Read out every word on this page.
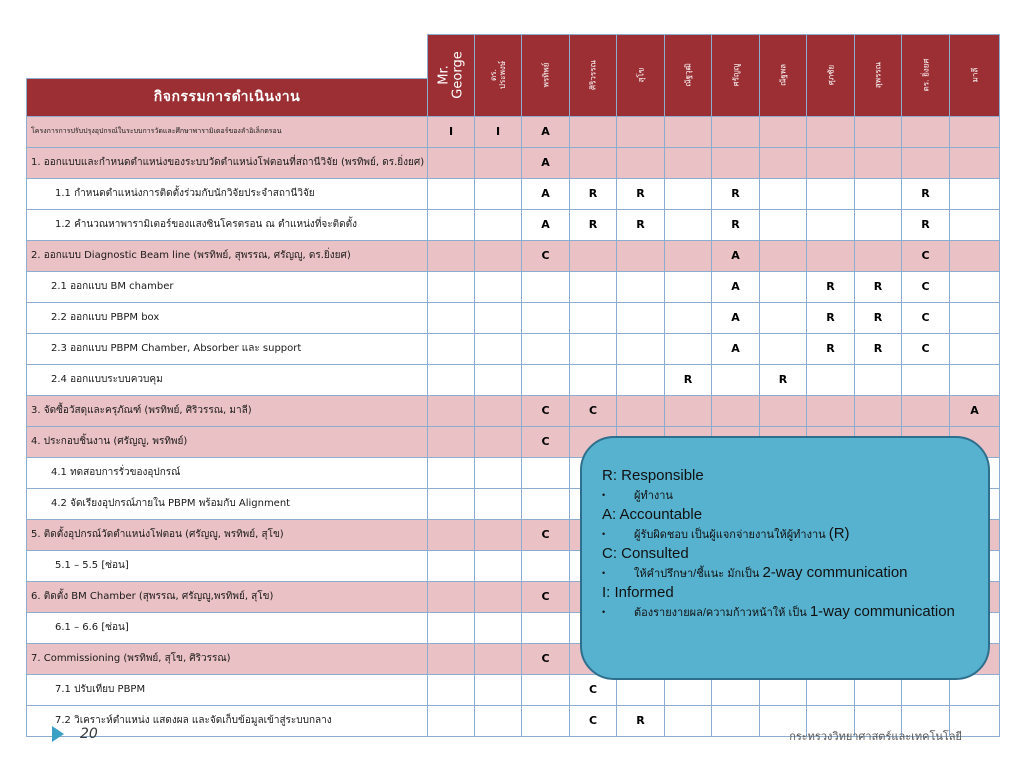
	Mr.
George	ดร.
ประพงษ์	พรทิพย์	ศิริวรรณ	สุโข	ณัฐวุฒิ	ศรัญญู	ณัฐพล	ศุภชัย	สุพรรณ	ดร. ยิ่งยศ	มาลี

กิจกรรมการดำเนินงาน												
โครงการการปรับปรุงอุปกรณ์ในระบบการวัดและศึกษาพารามิเตอร์ของลำอิเล็กตรอน	I	I	A									
1. ออกแบบและกำหนดตำแหน่งของระบบวัดตำแหน่งโฟตอนที่สถานีวิจัย (พรทิพย์, ดร.ยิ่งยศ)			A									
1.1 กำหนดตำแหน่งการติดตั้งร่วมกับนักวิจัยประจำสถานีวิจัย			A	R	R		R				R	
1.2 คำนวณหาพารามิเตอร์ของแสงซินโครตรอน ณ ตำแหน่งที่จะติดตั้ง			A	R	R		R				R	
2. ออกแบบ Diagnostic Beam line (พรทิพย์, สุพรรณ, ศรัญญู, ดร.ยิ่งยศ)			C				A				C	
2.1 ออกแบบ BM chamber							A		R	R	C	
2.2 ออกแบบ PBPM box							A		R	R	C	
2.3 ออกแบบ PBPM Chamber, Absorber และ support							A		R	R	C	
2.4 ออกแบบระบบควบคุม						R		R				
3. จัดซื้อวัสดุและครุภัณฑ์ (พรทิพย์, ศิริวรรณ, มาลี)			C	C								A
4. ประกอบชิ้นงาน (ศรัญญู, พรทิพย์)			C									
4.1 ทดสอบการรั่วของอุปกรณ์												
4.2 จัดเรียงอุปกรณ์ภายใน PBPM พร้อมกับ Alignment												
5. ติดตั้งอุปกรณ์วัดตำแหน่งโฟตอน (ศรัญญู, พรทิพย์, สุโข)			C									
5.1 – 5.5 [ซ่อน]												
6. ติดตั้ง BM Chamber (สุพรรณ, ศรัญญู,พรทิพย์, สุโข)			C									
6.1 – 6.6 [ซ่อน]												
7. Commissioning (พรทิพย์, สุโข, ศิริวรรณ)			C									
7.1 ปรับเทียบ PBPM				C								
7.2 วิเคราะห์ตำแหน่ง แสดงผล และจัดเก็บข้อมูลเข้าสู่ระบบกลาง				C	R							
R: Responsible
•	ผู้ทำงาน
A: Accountable
•	ผู้รับผิดชอบ เป็นผู้แจกจ่ายงานให้ผู้ทำงาน (R)
C: Consulted
•	ให้คำปรึกษา/ชี้แนะ มักเป็น 2-way communication
I: Informed
•	ต้องรายงายผล/ความก้าวหน้าให้ เป็น 1-way communication
20	กระทรวงวิทยาศาสตร์และเทคโนโลยี
